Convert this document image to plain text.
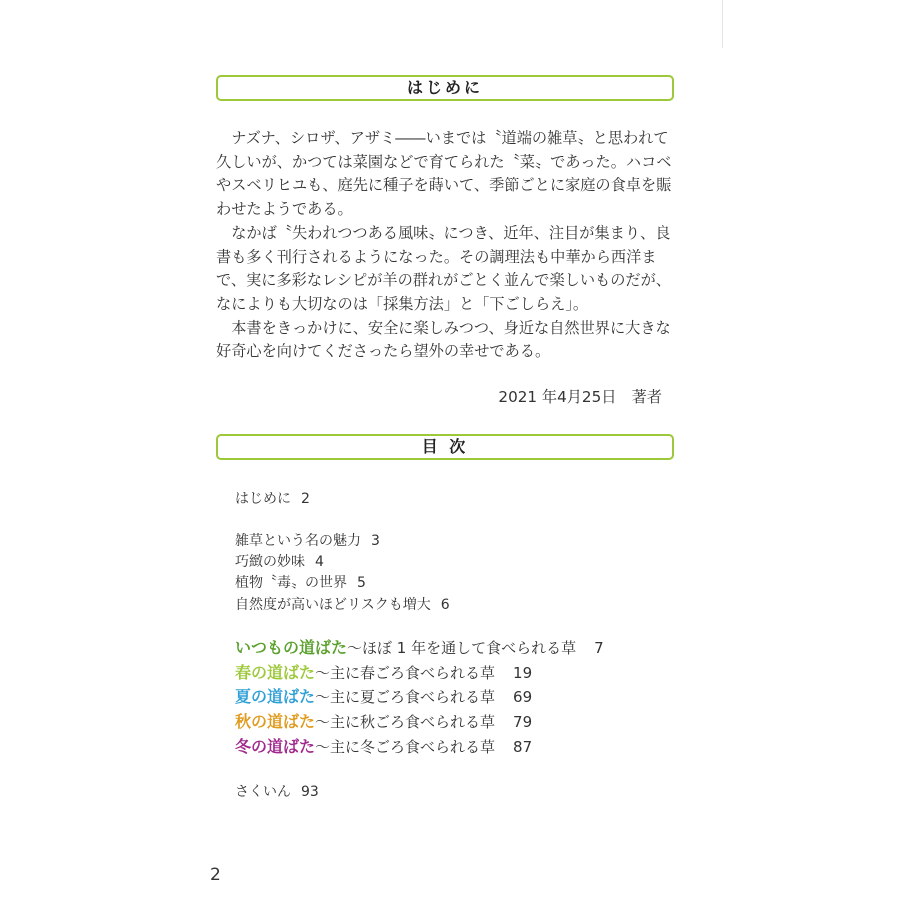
はじめに

ナズナ、シロザ、アザミ――いまでは〝道端の雑草〟と思われて久しいが、かつては菜園などで育てられた〝菜〟であった。ハコベやスベリヒユも、庭先に種子を蒔いて、季節ごとに家庭の食卓を賑わせたようである。

なかば〝失われつつある風味〟につき、近年、注目が集まり、良書も多く刊行されるようになった。その調理法も中華から西洋まで、実に多彩なレシピが羊の群れがごとく並んで楽しいものだが、なによりも大切なのは「採集方法」と「下ごしらえ」。

本書をきっかけに、安全に楽しみつつ、身近な自然世界に大きな好奇心を向けてくださったら望外の幸せである。

2021 年4月25日　著者
目 次
はじめに 2
雑草という名の魅力 3
巧緻の妙味 4
植物〝毒〟の世界 5
自然度が高いほどリスクも増大 6
いつもの道ばた～ほぼ 1 年を通して食べられる草 7
春の道ばた～主に春ごろ食べられる草 19
夏の道ばた～主に夏ごろ食べられる草 69
秋の道ばた～主に秋ごろ食べられる草 79
冬の道ばた～主に冬ごろ食べられる草 87
さくいん 93
2
